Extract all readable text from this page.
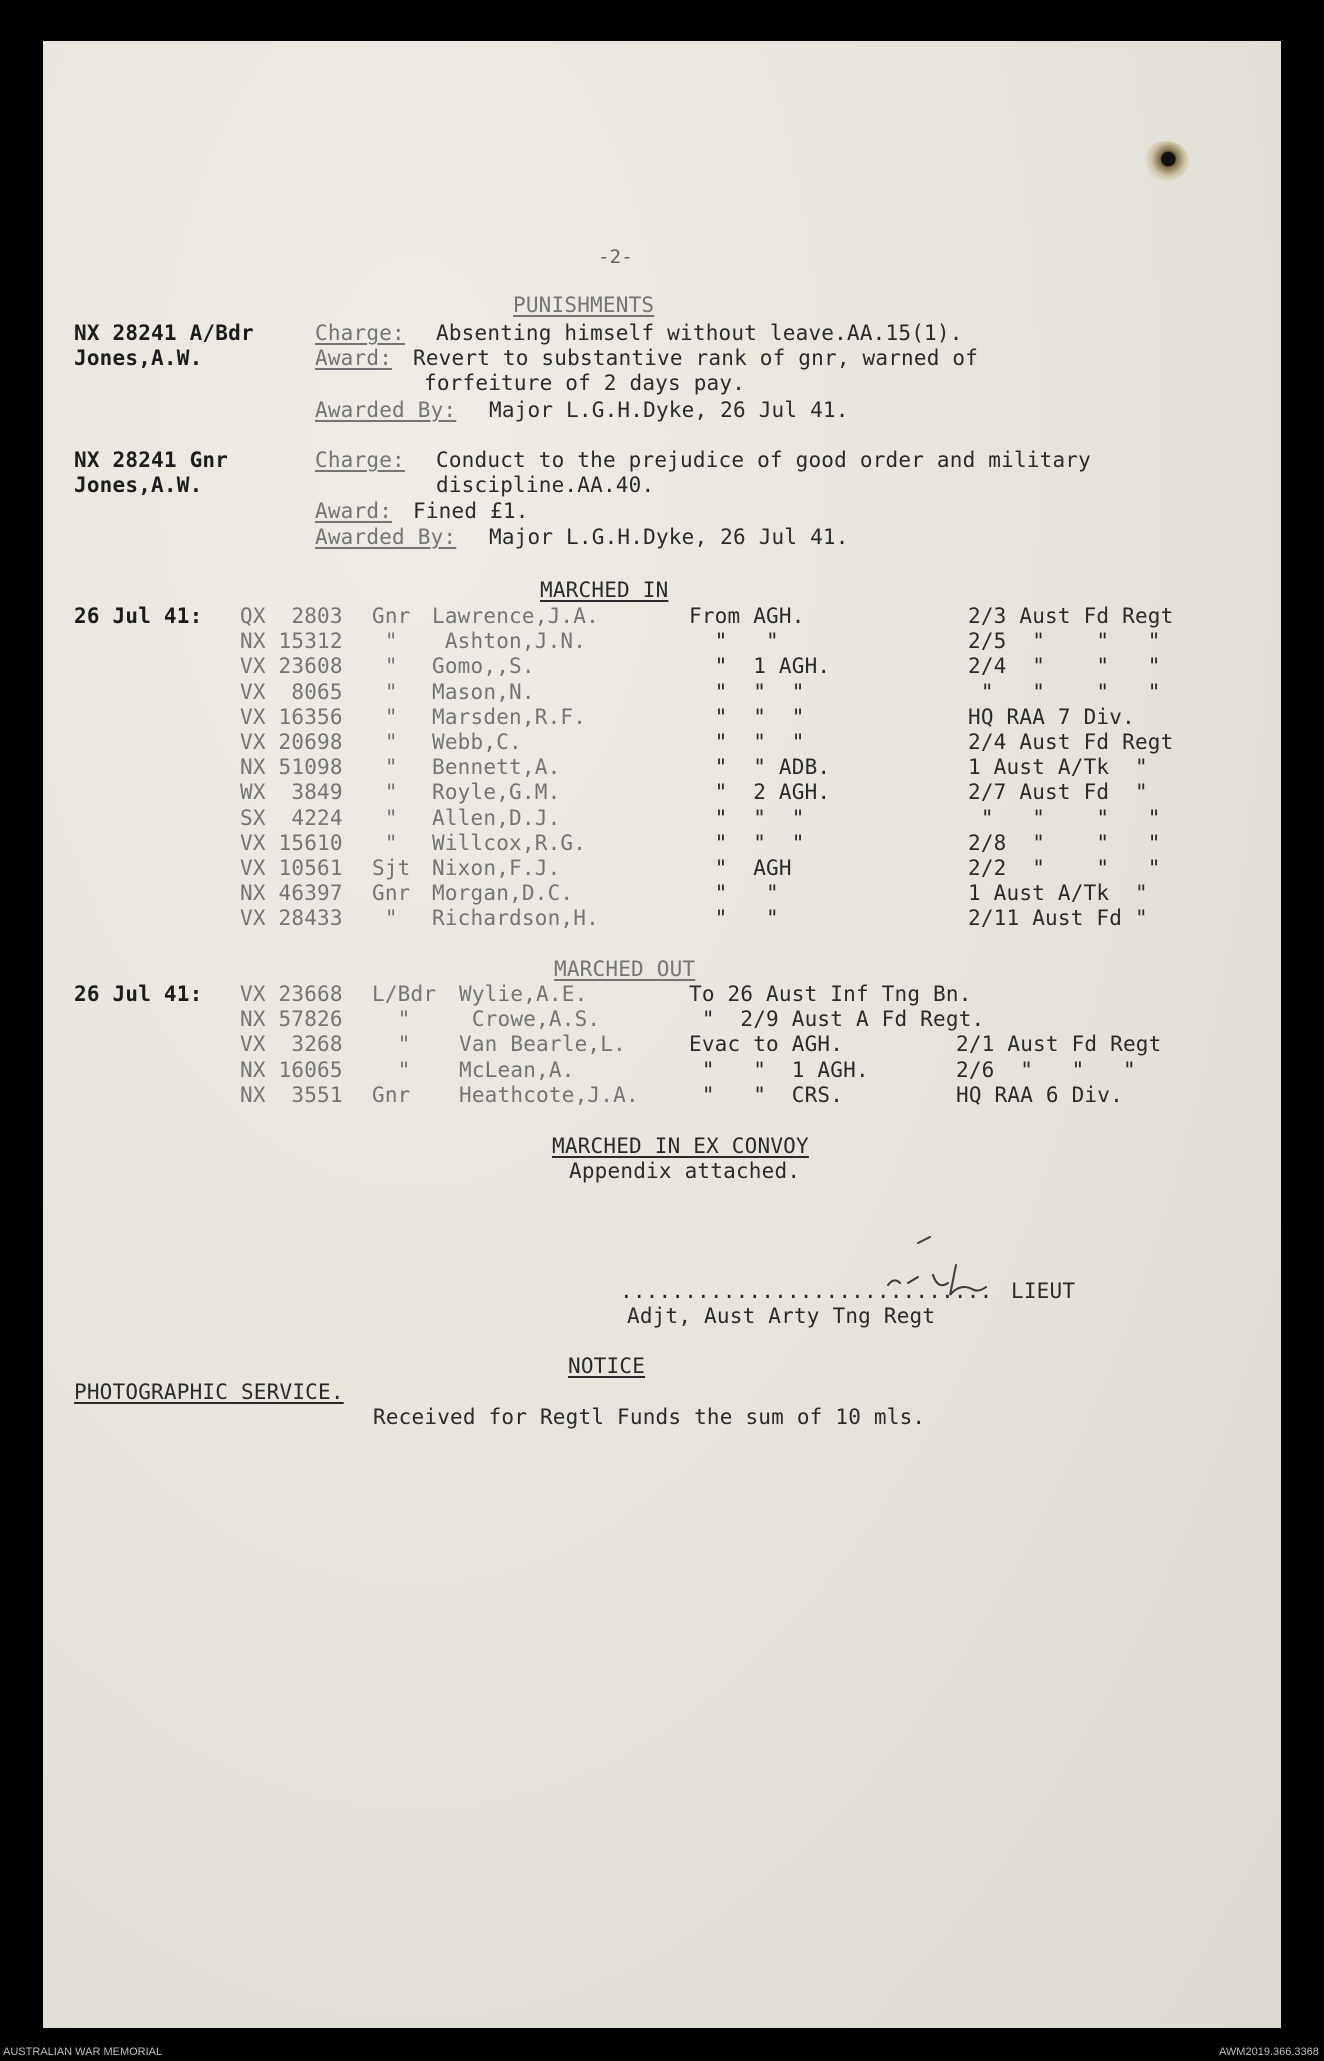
-2-
PUNISHMENTS
NX 28241 A/Bdr
Jones,A.W.
Charge: Absenting himself without leave.AA.15(1).
Award: Revert to substantive rank of gnr, warned of
forfeiture of 2 days pay.
Awarded By: Major L.G.H.Dyke, 26 Jul 41.
NX 28241 Gnr
Jones,A.W.
Charge: Conduct to the prejudice of good order and military
discipline.AA.40.
Award: Fined £1.
Awarded By: Major L.G.H.Dyke, 26 Jul 41.
MARCHED IN
26 Jul 41: QX  2803 Gnr Lawrence,J.A.	From AGH.	2/3 Aust Fd Regt
NX 15312 " Ashton,J.N.	"   "	2/5  "    "   "
VX 23608 " Gomo,,S.	"  1 AGH.	2/4  "    "   "
VX  8065 " Mason,N.	"  "  "	"   "    "   "
VX 16356 " Marsden,R.F.	"  "  "	HQ RAA 7 Div.
VX 20698 " Webb,C.	"  "  "	2/4 Aust Fd Regt
NX 51098 " Bennett,A.	"  " ADB.	1 Aust A/Tk  "
WX  3849 " Royle,G.M.	"  2 AGH.	2/7 Aust Fd  "
SX  4224 " Allen,D.J.	"  "  "	"   "    "   "
VX 15610 " Willcox,R.G.	"  "  "	2/8  "    "   "
VX 10561 Sjt Nixon,F.J.	"  AGH	2/2  "    "   "
NX 46397 Gnr Morgan,D.C.	"   "	1 Aust A/Tk  "
VX 28433 " Richardson,H.	"   "	2/11 Aust Fd "
MARCHED OUT
26 Jul 41: VX 23668 L/Bdr Wylie,A.E.	To 26 Aust Inf Tng Bn.
NX 57826 " Crowe,A.S.	"  2/9 Aust A Fd Regt.
VX  3268 " Van Bearle,L.	Evac to AGH.	2/1 Aust Fd Regt
NX 16065 " McLean,A.	"   "  1 AGH.	2/6  "   "   "
NX  3551 Gnr Heathcote,J.A. "   "  CRS.	HQ RAA 6 Div.
MARCHED IN EX CONVOY
Appendix attached.
............................. LIEUT
Adjt, Aust Arty Tng Regt
NOTICE
PHOTOGRAPHIC SERVICE.
Received for Regtl Funds the sum of 10 mls.
AUSTRALIAN WAR MEMORIAL	AWM2019.366.3368
